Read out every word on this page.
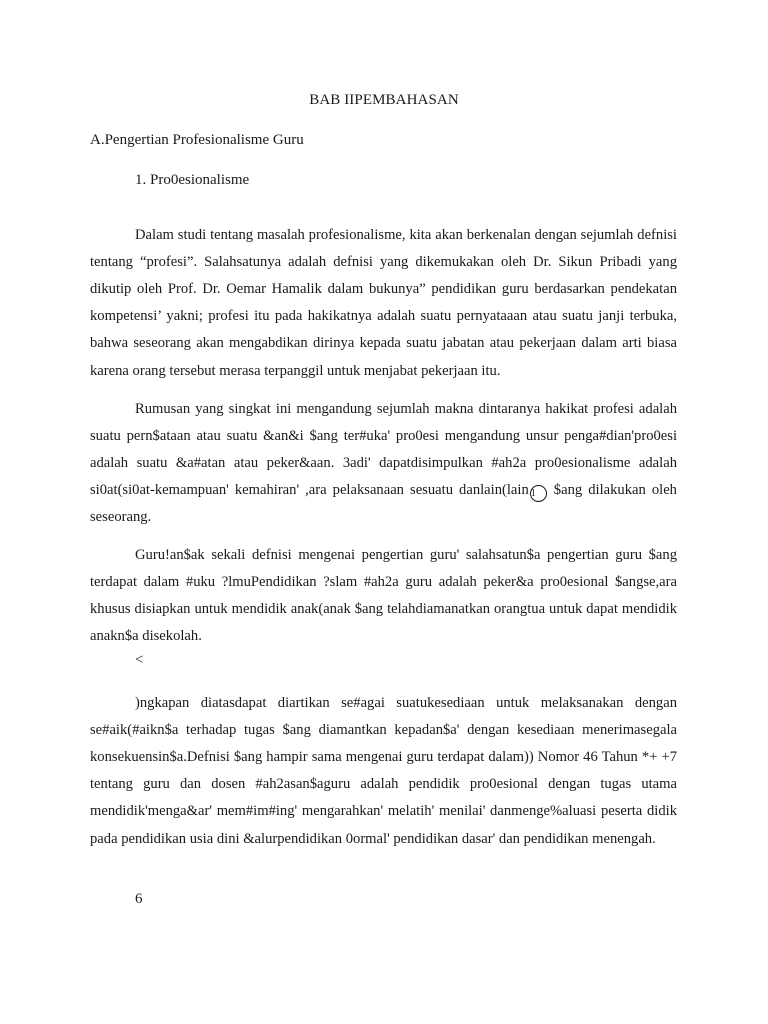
BAB IIPEMBAHASAN
A.Pengertian Profesionalisme Guru
1. Pro0esionalisme

Dalam studi tentang masalah profesionalisme, kita akan berkenalan dengan sejumlah defnisi tentang “profesi”. Salahsatunya adalah defnisi yang dikemukakan oleh Dr. Sikun Pribadi yang dikutip oleh Prof. Dr. Oemar Hamalik dalam bukunya” pendidikan guru berdasarkan pendekatan kompetensi’ yakni; profesi itu pada hakikatnya adalah suatu pernyataaan atau suatu janji terbuka, bahwa seseorang akan mengabdikan dirinya kepada suatu jabatan atau pekerjaan dalam arti biasa karena orang tersebut merasa terpanggil untuk menjabat pekerjaan itu.

Rumusan yang singkat ini mengandung sejumlah makna dintaranya hakikat profesi adalah suatu pern$ataan atau suatu &an&i $ang ter#uka' pro0esi mengandung unsur penga#dian'pro0esi adalah suatu &a#atan atau peker&aan. 3adi' dapatdisimpulkan #ah2a pro0esionalisme adalah si0at(si0at-kemampuan' kemahiran' ,ara pelaksanaan sesuatu danlain(lain 1 $ang dilakukan oleh seseorang.

Guru!an$ak sekali defnisi mengenai pengertian guru' salahsatun$a pengertian guru $ang terdapat dalam #uku ?lmuPendidikan ?slam #ah2a guru adalah peker&a pro0esional $angse,ara khusus disiapkan untuk mendidik anak(anak $ang telahdiamanatkan orangtua untuk dapat mendidik anakn$a disekolah.

<

)ngkapan diatasdapat diartikan se#agai suatukesediaan untuk melaksanakan dengan se#aik(#aikn$a terhadap tugas $ang diamantkan kepadan$a' dengan kesediaan menerimasegala konsekuensin$a.Defnisi $ang hampir sama mengenai guru terdapat dalam)) Nomor 46 Tahun *+ +7 tentang guru dan dosen #ah2asan$aguru adalah pendidik pro0esional dengan tugas utama mendidik'menga&ar' mem#im#ing' mengarahkan' melatih' menilai' danmenge%aluasi peserta didik pada pendidikan usia dini &alurpendidikan 0ormal' pendidikan dasar' dan pendidikan menengah.

6
